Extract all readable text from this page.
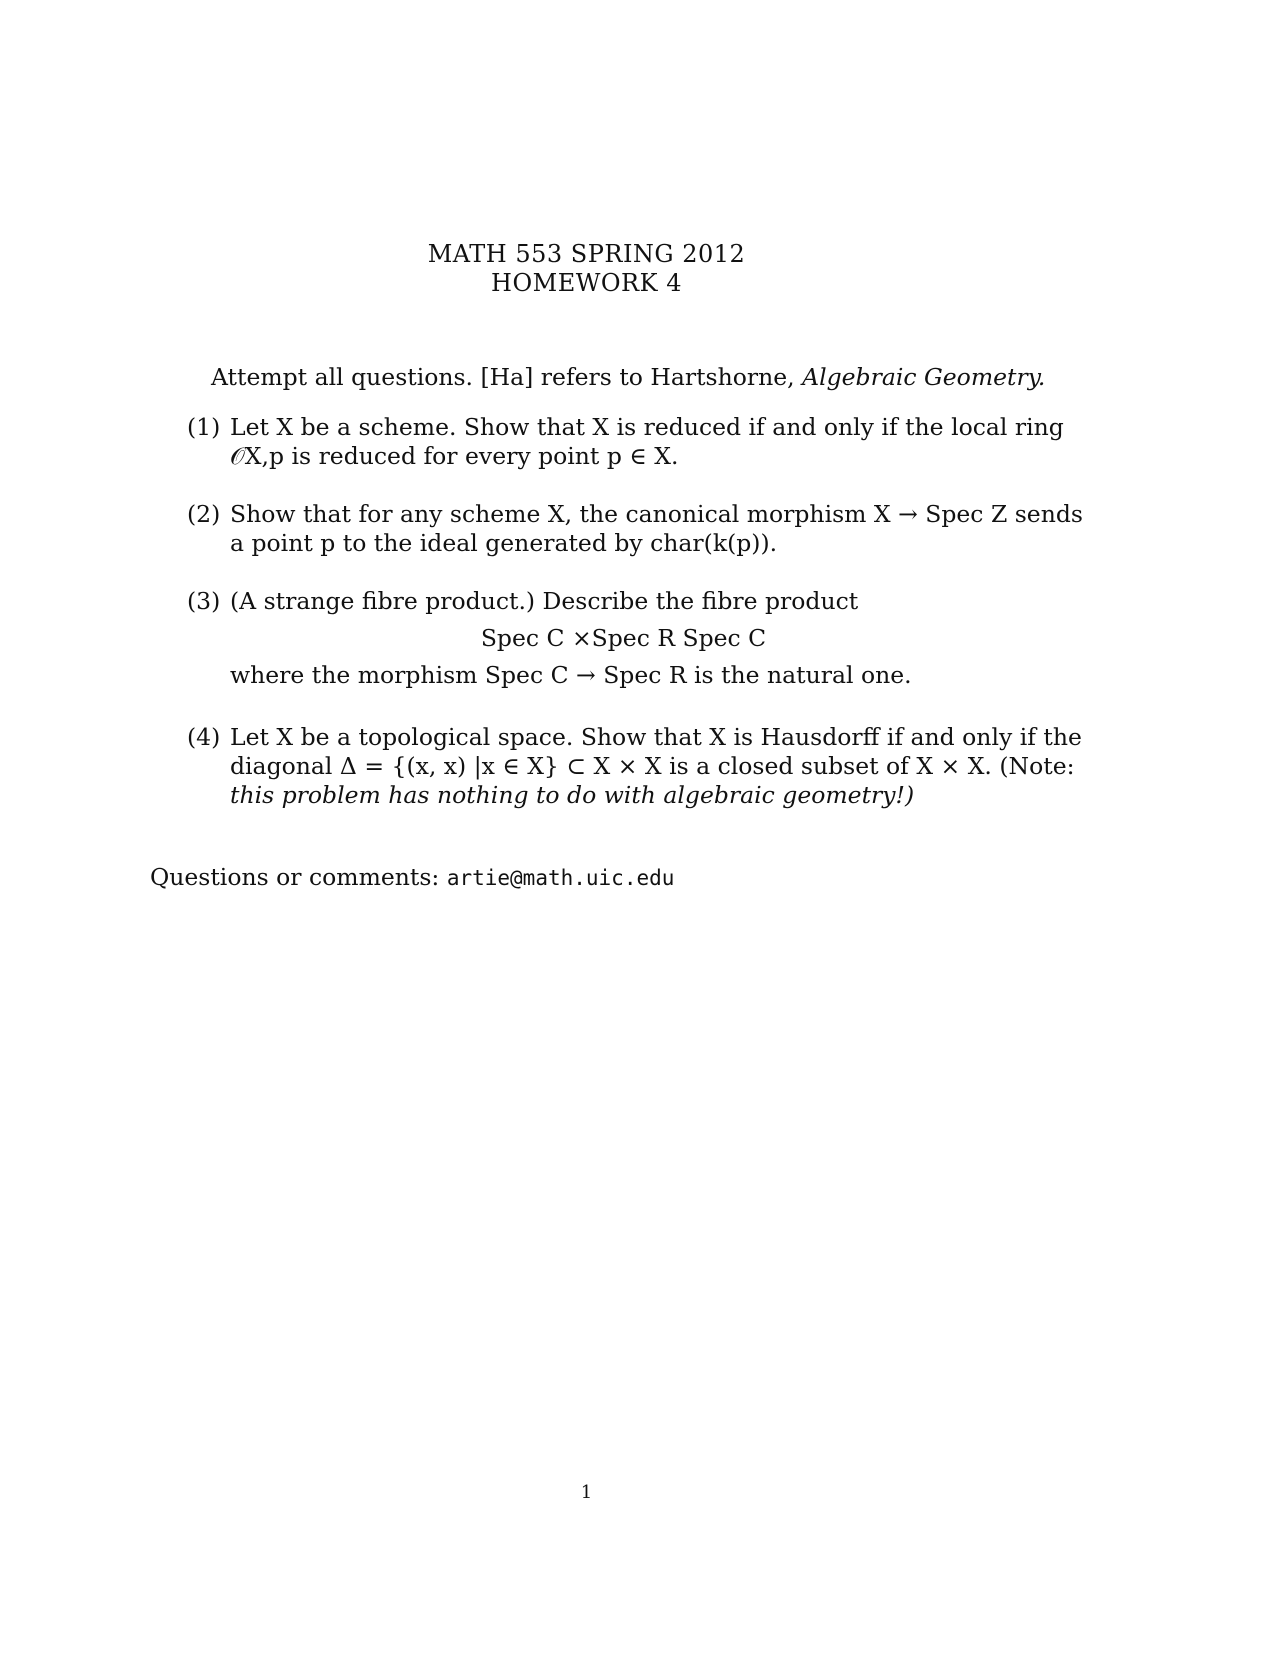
MATH 553 SPRING 2012
HOMEWORK 4
Attempt all questions. [Ha] refers to Hartshorne, Algebraic Geometry.
(1) Let X be a scheme. Show that X is reduced if and only if the local ring
𝒪X,p is reduced for every point p ∈ X.
(2) Show that for any scheme X, the canonical morphism X → Spec Z sends
a point p to the ideal generated by char(k(p)).
(3) (A strange fibre product.) Describe the fibre product
Spec C ×Spec R Spec C
where the morphism Spec C → Spec R is the natural one.
(4) Let X be a topological space. Show that X is Hausdorff if and only if the
diagonal Δ = {(x, x) |x ∈ X} ⊂ X × X is a closed subset of X × X. (Note:
this problem has nothing to do with algebraic geometry!)
Questions or comments: artie@math.uic.edu
1
